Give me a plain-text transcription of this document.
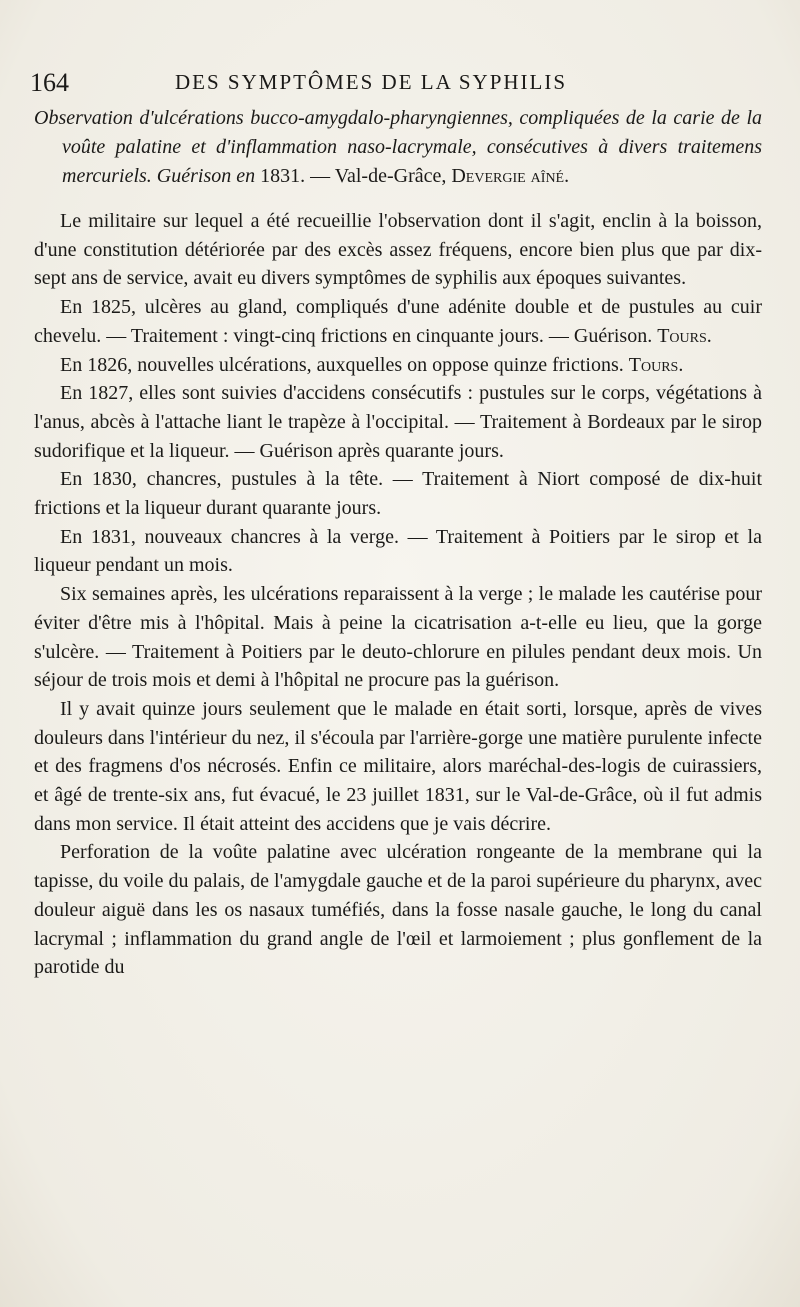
164	DES SYMPTÔMES DE LA SYPHILIS

Observation d'ulcérations bucco-amygdalo-pharyngiennes, compliquées de la carie de la voûte palatine et d'inflammation naso-lacrymale, consécutives à divers traitemens mercuriels. Guérison en 1831. — Val-de-Grâce, Devergie aîné.

Le militaire sur lequel a été recueillie l'observation dont il s'agit, enclin à la boisson, d'une constitution détériorée par des excès assez fréquens, encore bien plus que par dix-sept ans de service, avait eu divers symptômes de syphilis aux époques suivantes.

En 1825, ulcères au gland, compliqués d'une adénite double et de pustules au cuir chevelu. — Traitement : vingt-cinq frictions en cinquante jours. — Guérison. Tours.

En 1826, nouvelles ulcérations, auxquelles on oppose quinze frictions. Tours.

En 1827, elles sont suivies d'accidens consécutifs : pustules sur le corps, végétations à l'anus, abcès à l'attache liant le trapèze à l'occipital. — Traitement à Bordeaux par le sirop sudorifique et la liqueur. — Guérison après quarante jours.

En 1830, chancres, pustules à la tête. — Traitement à Niort composé de dix-huit frictions et la liqueur durant quarante jours.

En 1831, nouveaux chancres à la verge. — Traitement à Poitiers par le sirop et la liqueur pendant un mois.

Six semaines après, les ulcérations reparaissent à la verge ; le malade les cautérise pour éviter d'être mis à l'hôpital. Mais à peine la cicatrisation a-t-elle eu lieu, que la gorge s'ulcère. — Traitement à Poitiers par le deuto-chlorure en pilules pendant deux mois. Un séjour de trois mois et demi à l'hôpital ne procure pas la guérison.

Il y avait quinze jours seulement que le malade en était sorti, lorsque, après de vives douleurs dans l'intérieur du nez, il s'écoula par l'arrière-gorge une matière purulente infecte et des fragmens d'os nécrosés. Enfin ce militaire, alors maréchal-des-logis de cuirassiers, et âgé de trente-six ans, fut évacué, le 23 juillet 1831, sur le Val-de-Grâce, où il fut admis dans mon service. Il était atteint des accidens que je vais décrire.

Perforation de la voûte palatine avec ulcération rongeante de la membrane qui la tapisse, du voile du palais, de l'amygdale gauche et de la paroi supérieure du pharynx, avec douleur aiguë dans les os nasaux tuméfiés, dans la fosse nasale gauche, le long du canal lacrymal ; inflammation du grand angle de l'œil et larmoiement ; plus gonflement de la parotide du
